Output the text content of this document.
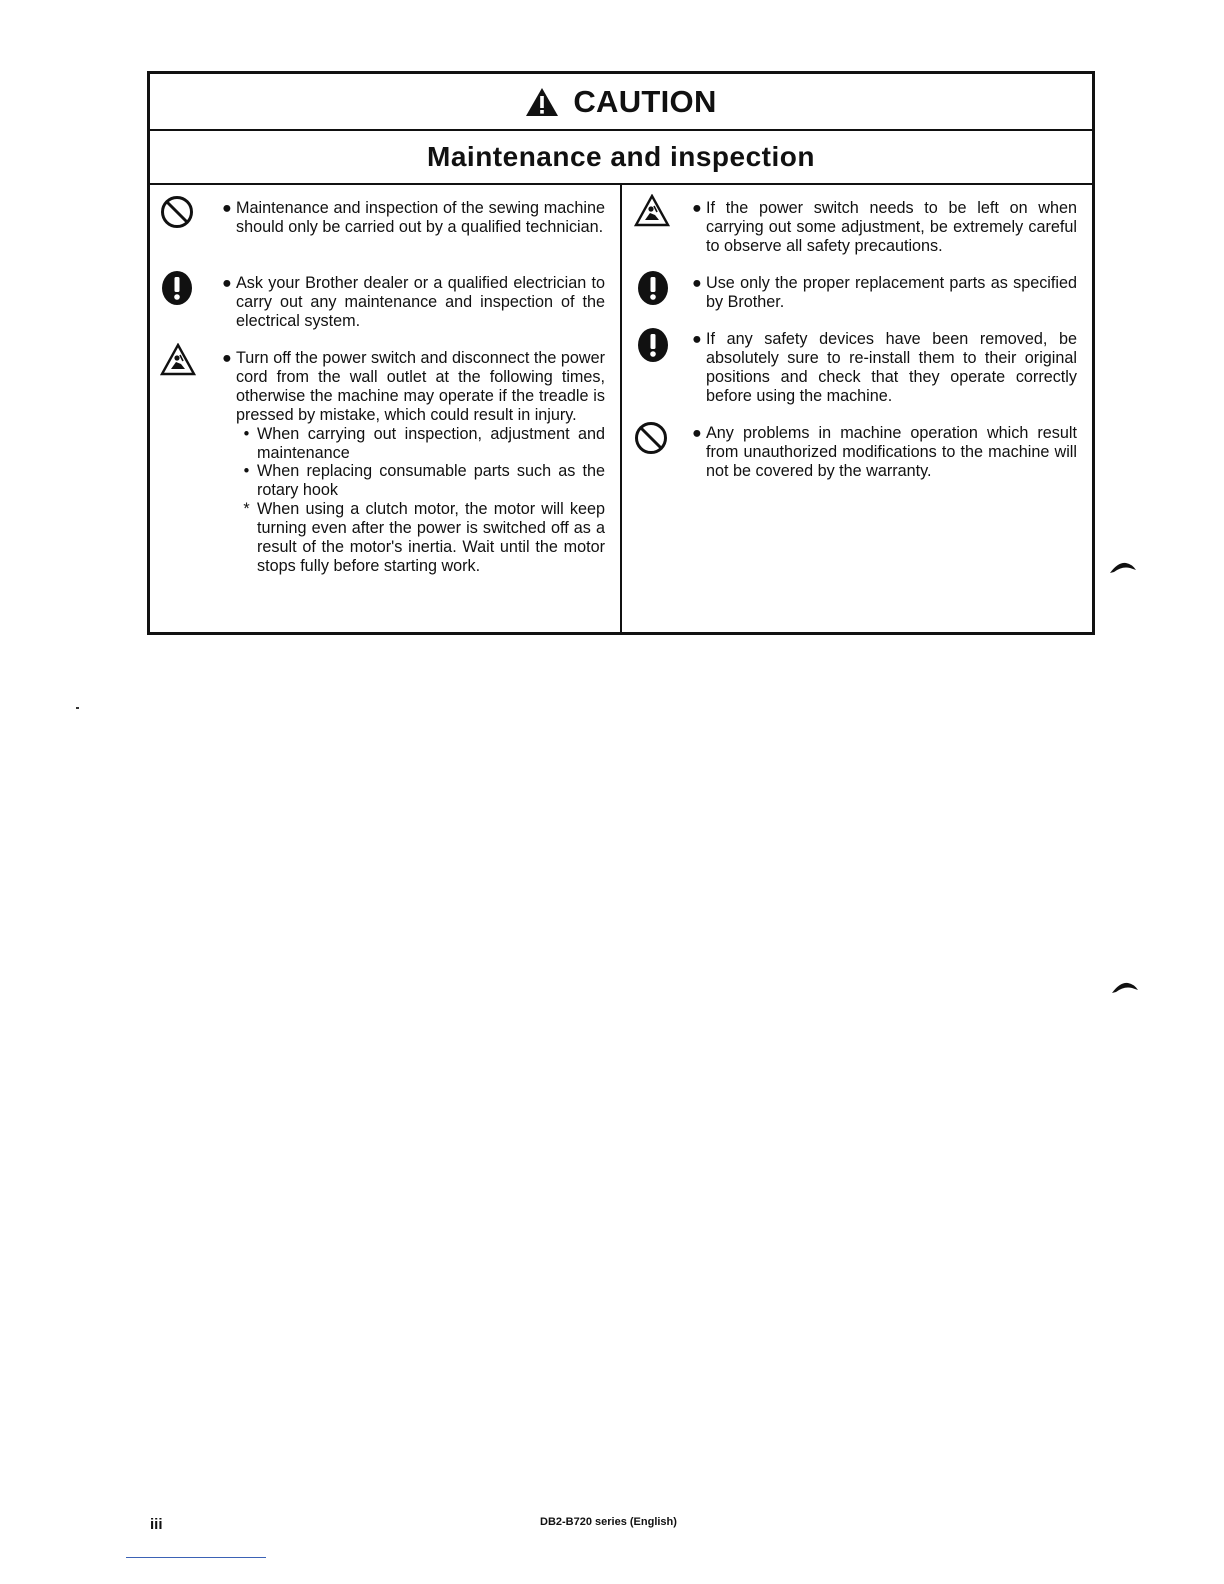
CAUTION
Maintenance and inspection
● Maintenance and inspection of the sewing machine should only be carried out by a qualified technician.
● Ask your Brother dealer or a qualified electrician to carry out any maintenance and inspection of the electrical system.
● Turn off the power switch and disconnect the power cord from the wall outlet at the following times, otherwise the machine may operate if the treadle is pressed by mistake, which could result in injury.
• When carrying out inspection, adjustment and maintenance
• When replacing consumable parts such as the rotary hook
* When using a clutch motor, the motor will keep turning even after the power is switched off as a result of the motor's inertia. Wait until the motor stops fully before starting work.
● If the power switch needs to be left on when carrying out some adjustment, be extremely careful to observe all safety precautions.
● Use only the proper replacement parts as specified by Brother.
● If any safety devices have been removed, be absolutely sure to re-install them to their original positions and check that they operate correctly before using the machine.
● Any problems in machine operation which result from unauthorized modifications to the machine will not be covered by the warranty.
iii	DB2-B720 series (English)
